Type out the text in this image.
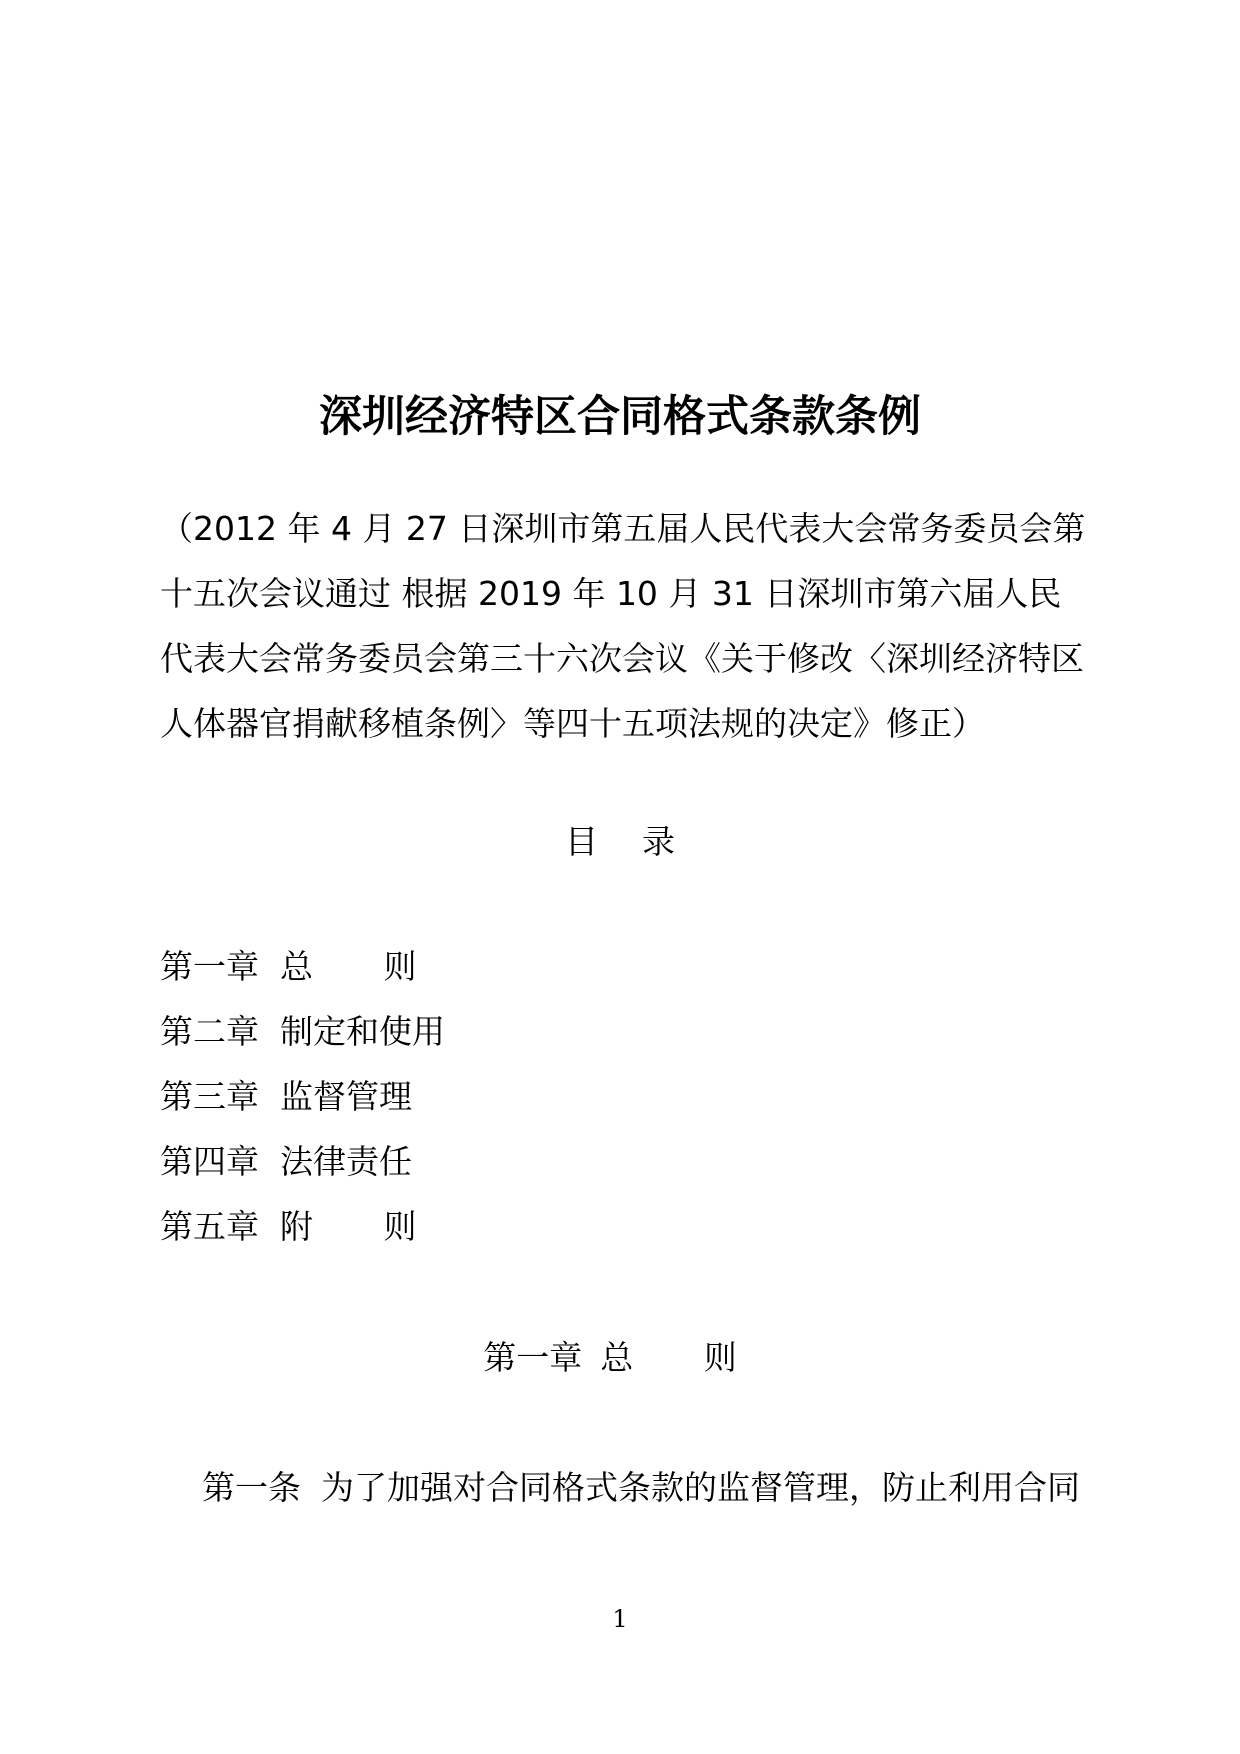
深圳经济特区合同格式条款条例

（2012 年 4 月 27 日深圳市第五届人民代表大会常务委员会第
十五次会议通过 根据 2019 年 10 月 31 日深圳市第六届人民
代表大会常务委员会第三十六次会议《关于修改〈深圳经济特区
人体器官捐献移植条例〉等四十五项法规的决定》修正）

目 录
第一章 总 则
第二章 制定和使用
第三章 监督管理
第四章 法律责任
第五章 附 则
第一章 总 则

第一条 为了加强对合同格式条款的监督管理，防止利用合同

1
